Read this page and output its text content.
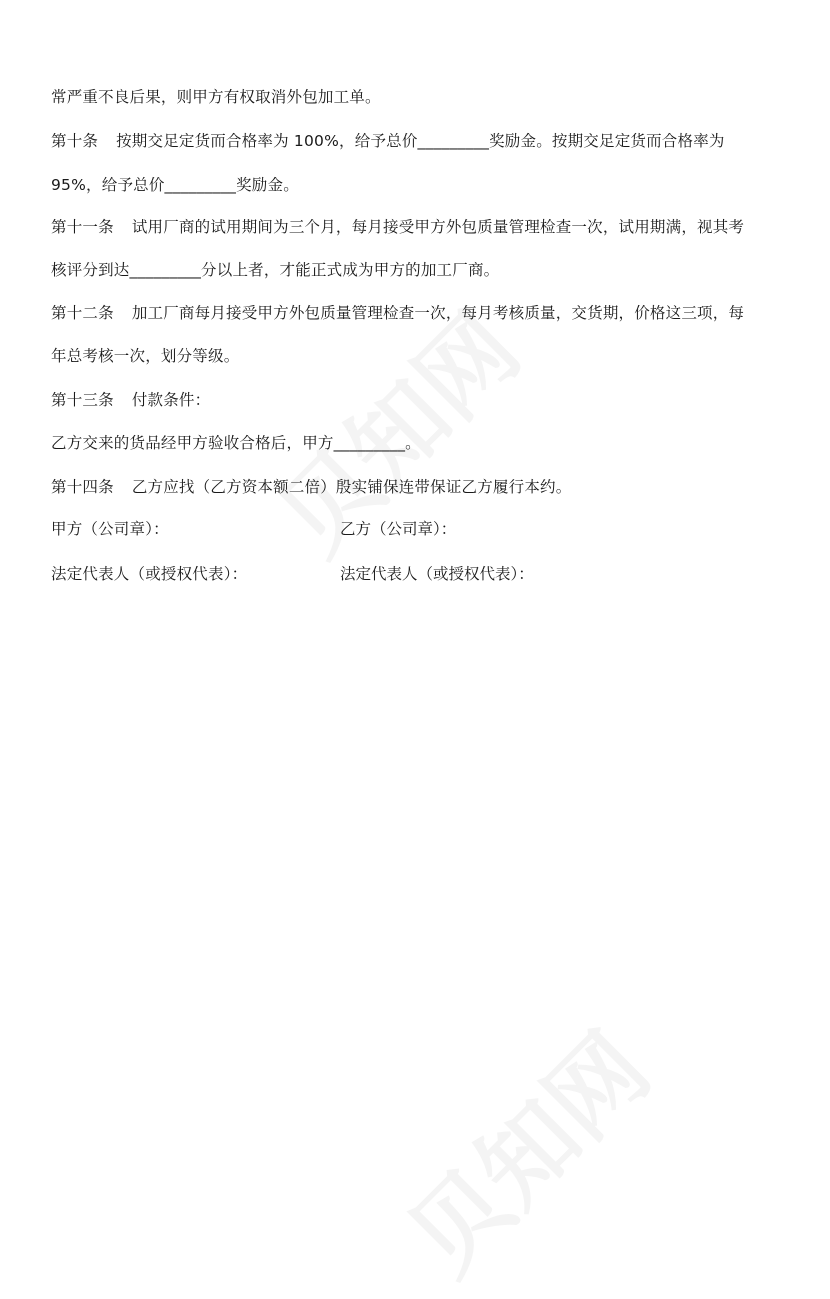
常严重不良后果，则甲方有权取消外包加工单。
第十条 按期交足定货而合格率为 100%，给予总价_________奖励金。按期交足定货而合格率为
95%，给予总价_________奖励金。
第十一条 试用厂商的试用期间为三个月，每月接受甲方外包质量管理检查一次，试用期满，视其考
核评分到达_________分以上者，才能正式成为甲方的加工厂商。
第十二条 加工厂商每月接受甲方外包质量管理检查一次，每月考核质量，交货期，价格这三项，每
年总考核一次，划分等级。
第十三条 付款条件：
乙方交来的货品经甲方验收合格后，甲方_________。
第十四条 乙方应找（乙方资本额二倍）殷实铺保连带保证乙方履行本约。
甲方（公司章）：	乙方（公司章）：
法定代表人（或授权代表）：	法定代表人（或授权代表）：
